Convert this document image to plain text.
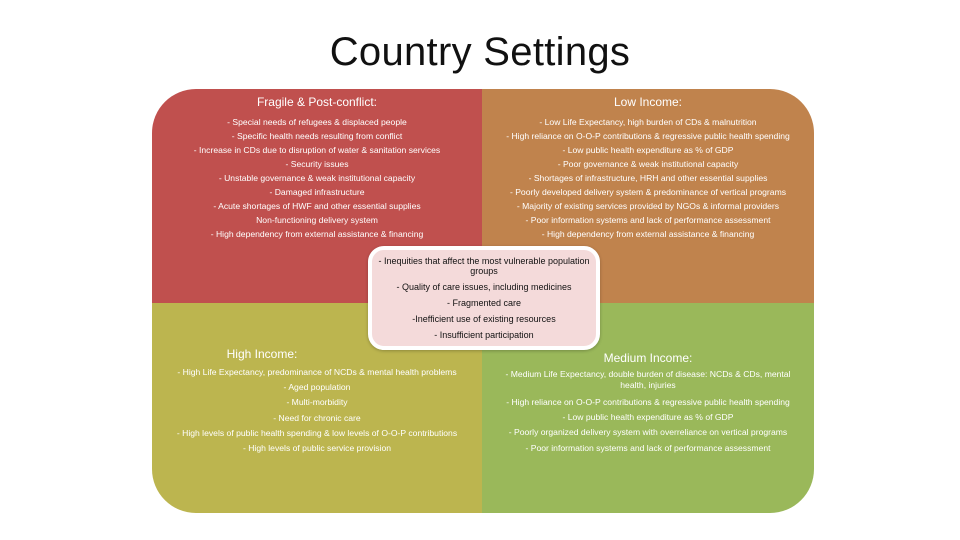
Country Settings
Fragile & Post-conflict:
- Special needs of refugees & displaced people
- Specific health needs resulting from conflict
- Increase in CDs due to disruption of water & sanitation services
- Security issues
- Unstable governance & weak institutional capacity
- Damaged infrastructure
- Acute shortages of HWF and other essential supplies
Non-functioning delivery system
- High dependency from external assistance & financing
Low Income:
- Low Life Expectancy, high burden of CDs & malnutrition
- High reliance on O-O-P contributions & regressive public health spending
- Low public health expenditure as % of GDP
- Poor governance & weak institutional capacity
- Shortages of infrastructure, HRH and other essential supplies
- Poorly developed delivery system & predominance of vertical programs
- Majority of existing services provided by NGOs & informal providers
- Poor information systems and lack of performance assessment
- High dependency from external assistance & financing
High Income:
- High Life Expectancy, predominance of NCDs & mental health problems
- Aged population
- Multi-morbidity
- Need for chronic care
- High levels of public health spending & low levels of O-O-P contributions
- High levels of public service provision
Medium Income:
- Medium Life Expectancy, double burden of disease: NCDs & CDs, mental health, injuries
- High reliance on O-O-P contributions & regressive public health spending
- Low public health expenditure as % of GDP
- Poorly organized delivery system with overreliance on vertical programs
- Poor information systems and lack of performance assessment
- Inequities that affect the most vulnerable population groups
- Quality of care issues, including medicines
- Fragmented care
-Inefficient use of existing resources
- Insufficient participation
